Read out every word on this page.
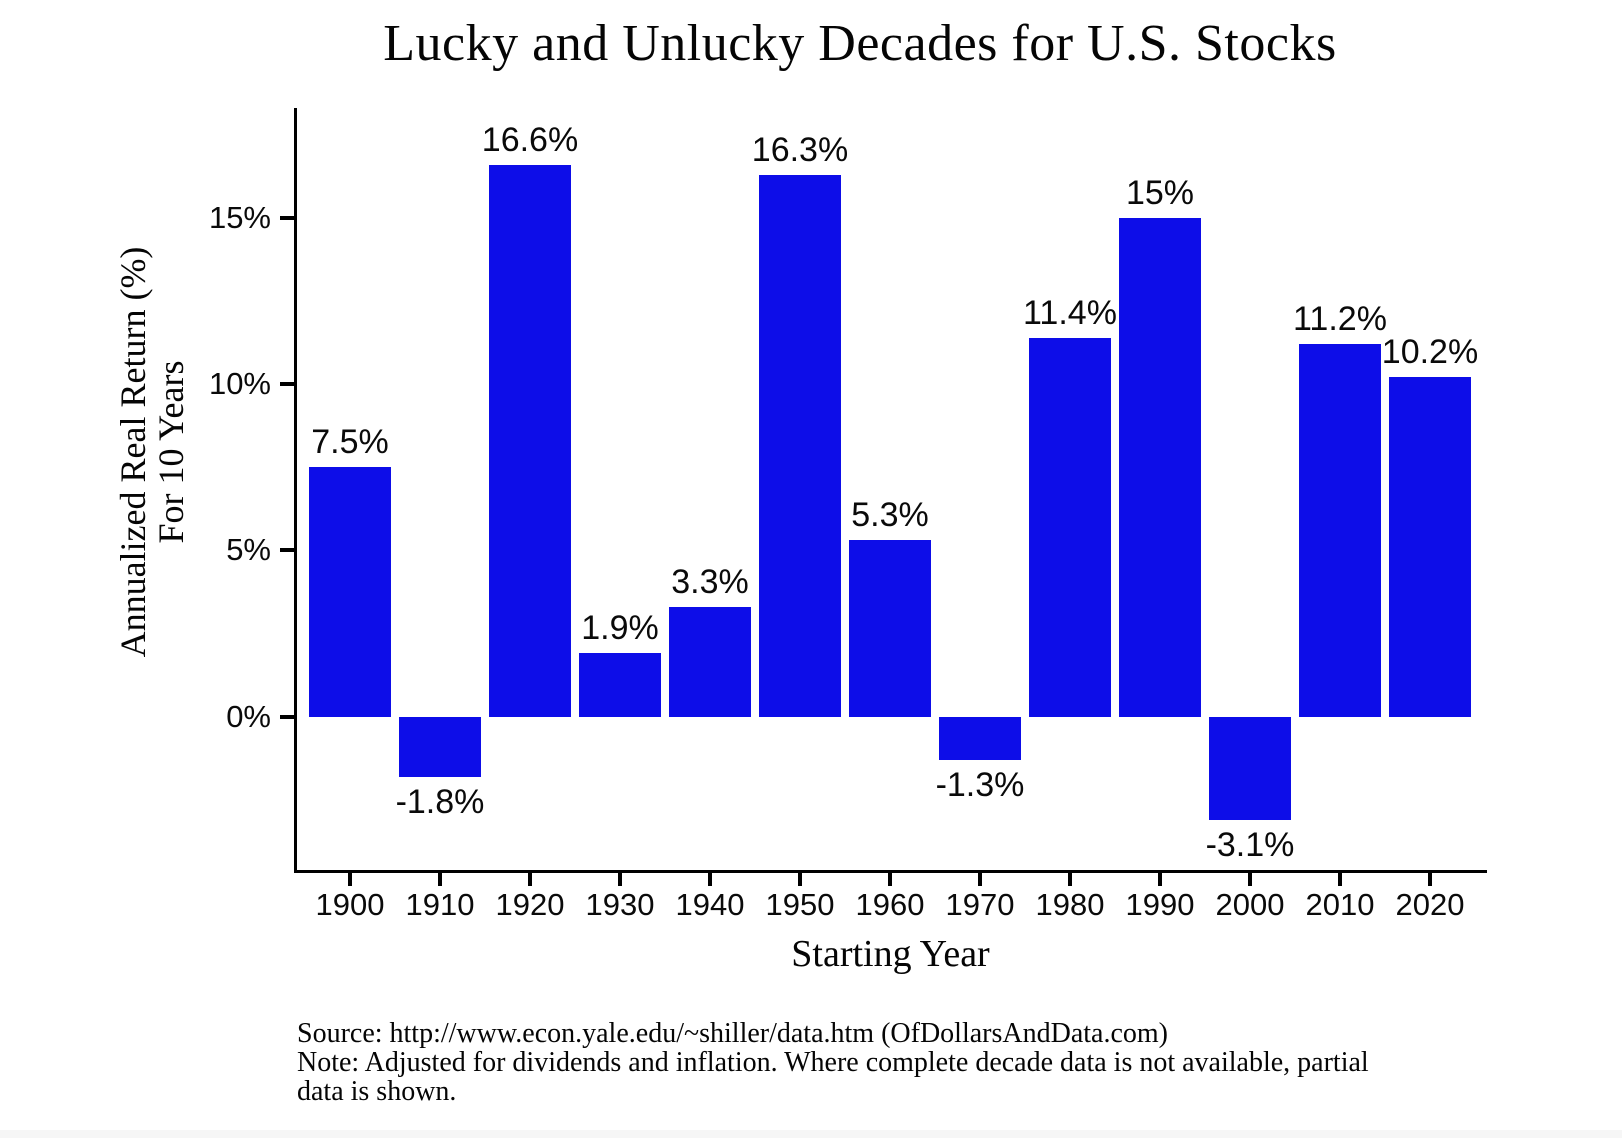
Lucky and Unlucky Decades for U.S. Stocks
Annualized Real Return (%)
For 10 Years
0%
5%
10%
15%
7.5%
1900
-1.8%
1910
16.6%
1920
1.9%
1930
3.3%
1940
16.3%
1950
5.3%
1960
-1.3%
1970
11.4%
1980
15%
1990
-3.1%
2000
11.2%
2010
10.2%
2020
Starting Year
Source: http://www.econ.yale.edu/~shiller/data.htm (OfDollarsAndData.com)
Note: Adjusted for dividends and inflation. Where complete decade data is not available, partial data is shown.
